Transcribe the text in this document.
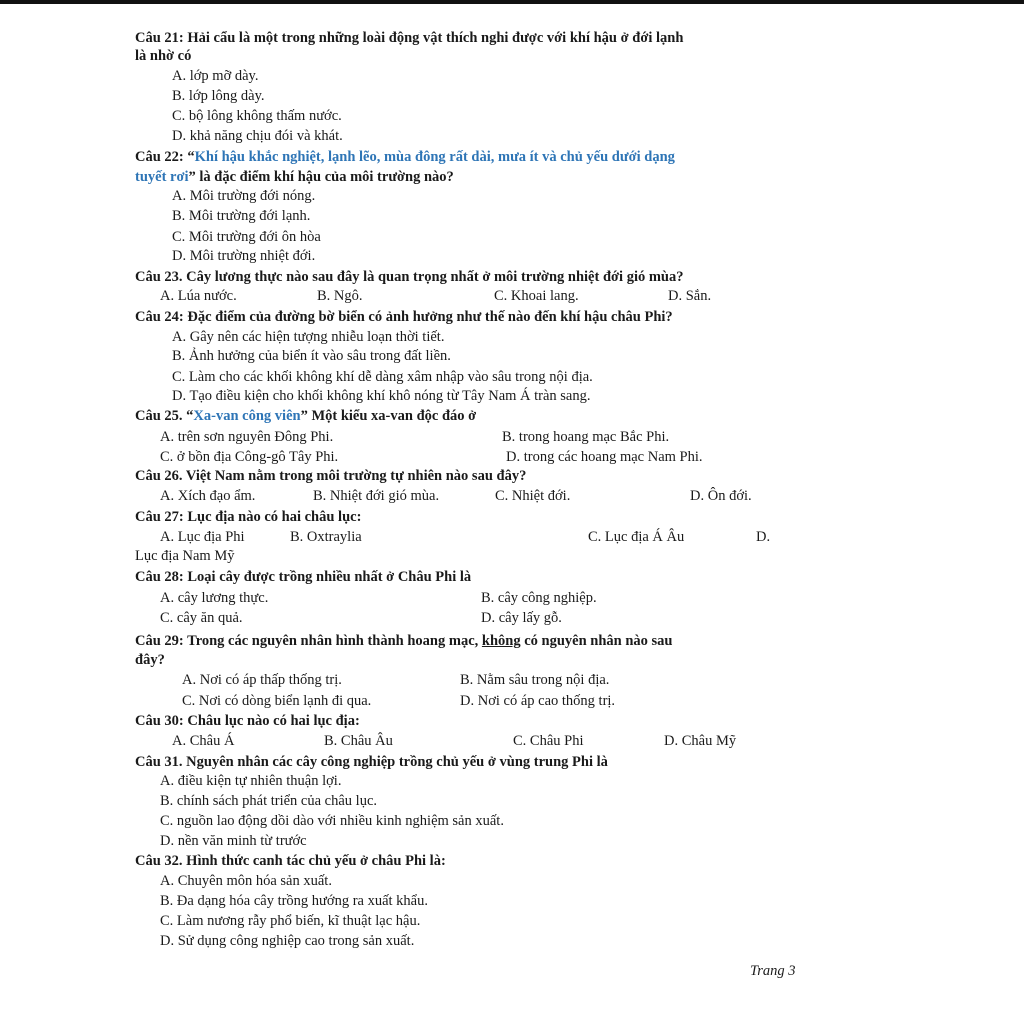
Câu 21: Hải cẩu là một trong những loài động vật thích nghi được với khí hậu ở đới lạnh
là nhờ có
A. lớp mỡ dày.
B. lớp lông dày.
C. bộ lông không thấm nước.
D. khả năng chịu đói và khát.
Câu 22: “Khí hậu khắc nghiệt, lạnh lẽo, mùa đông rất dài, mưa ít và chủ yếu dưới dạng
tuyết rơi” là đặc điểm khí hậu của môi trường nào?
A. Môi trường đới nóng.
B. Môi trường đới lạnh.
C. Môi trường đới ôn hòa
D. Môi trường nhiệt đới.
Câu 23. Cây lương thực nào sau đây là quan trọng nhất ở môi trường nhiệt đới gió mùa?
A. Lúa nước.	B. Ngô.	C. Khoai lang.	D. Sắn.
Câu 24: Đặc điểm của đường bờ biển có ảnh hưởng như thế nào đến khí hậu châu Phi?
A. Gây nên các hiện tượng nhiễu loạn thời tiết.
B. Ảnh hưởng của biển ít vào sâu trong đất liền.
C. Làm cho các khối không khí dễ dàng xâm nhập vào sâu trong nội địa.
D. Tạo điều kiện cho khối không khí khô nóng từ Tây Nam Á tràn sang.
Câu 25. “Xa-van công viên” Một kiểu xa-van độc đáo ở
A. trên sơn nguyên Đông Phi.	B. trong hoang mạc Bắc Phi.
C. ở bồn địa Công-gô Tây Phi.	D. trong các hoang mạc Nam Phi.
Câu 26. Việt Nam nằm trong môi trường tự nhiên nào sau đây?
A. Xích đạo ẩm.	B. Nhiệt đới gió mùa.	C. Nhiệt đới.	D. Ôn đới.
Câu 27: Lục địa nào có hai châu lục:
A. Lục địa Phi	B. Oxtraylia	C. Lục địa Á Âu	D.
Lục địa Nam Mỹ
Câu 28: Loại cây được trồng nhiều nhất ở Châu Phi là
A. cây lương thực.	B. cây công nghiệp.
C. cây ăn quả.	D. cây lấy gỗ.
Câu 29: Trong các nguyên nhân hình thành hoang mạc, không có nguyên nhân nào sau
đây?
A. Nơi có áp thấp thống trị.	B. Nằm sâu trong nội địa.
C. Nơi có dòng biển lạnh đi qua.	D. Nơi có áp cao thống trị.
Câu 30: Châu lục nào có hai lục địa:
A. Châu Á	B. Châu Âu	C. Châu Phi	D. Châu Mỹ
Câu 31. Nguyên nhân các cây công nghiệp trồng chủ yếu ở vùng trung Phi là
A. điều kiện tự nhiên thuận lợi.
B. chính sách phát triển của châu lục.
C. nguồn lao động dồi dào với nhiều kinh nghiệm sản xuất.
D. nền văn minh từ trước
Câu 32. Hình thức canh tác chủ yếu ở châu Phi là:
A. Chuyên môn hóa sản xuất.
B. Đa dạng hóa cây trồng hướng ra xuất khẩu.
C. Làm nương rẫy phổ biến, kĩ thuật lạc hậu.
D. Sử dụng công nghiệp cao trong sản xuất.
Trang 3
